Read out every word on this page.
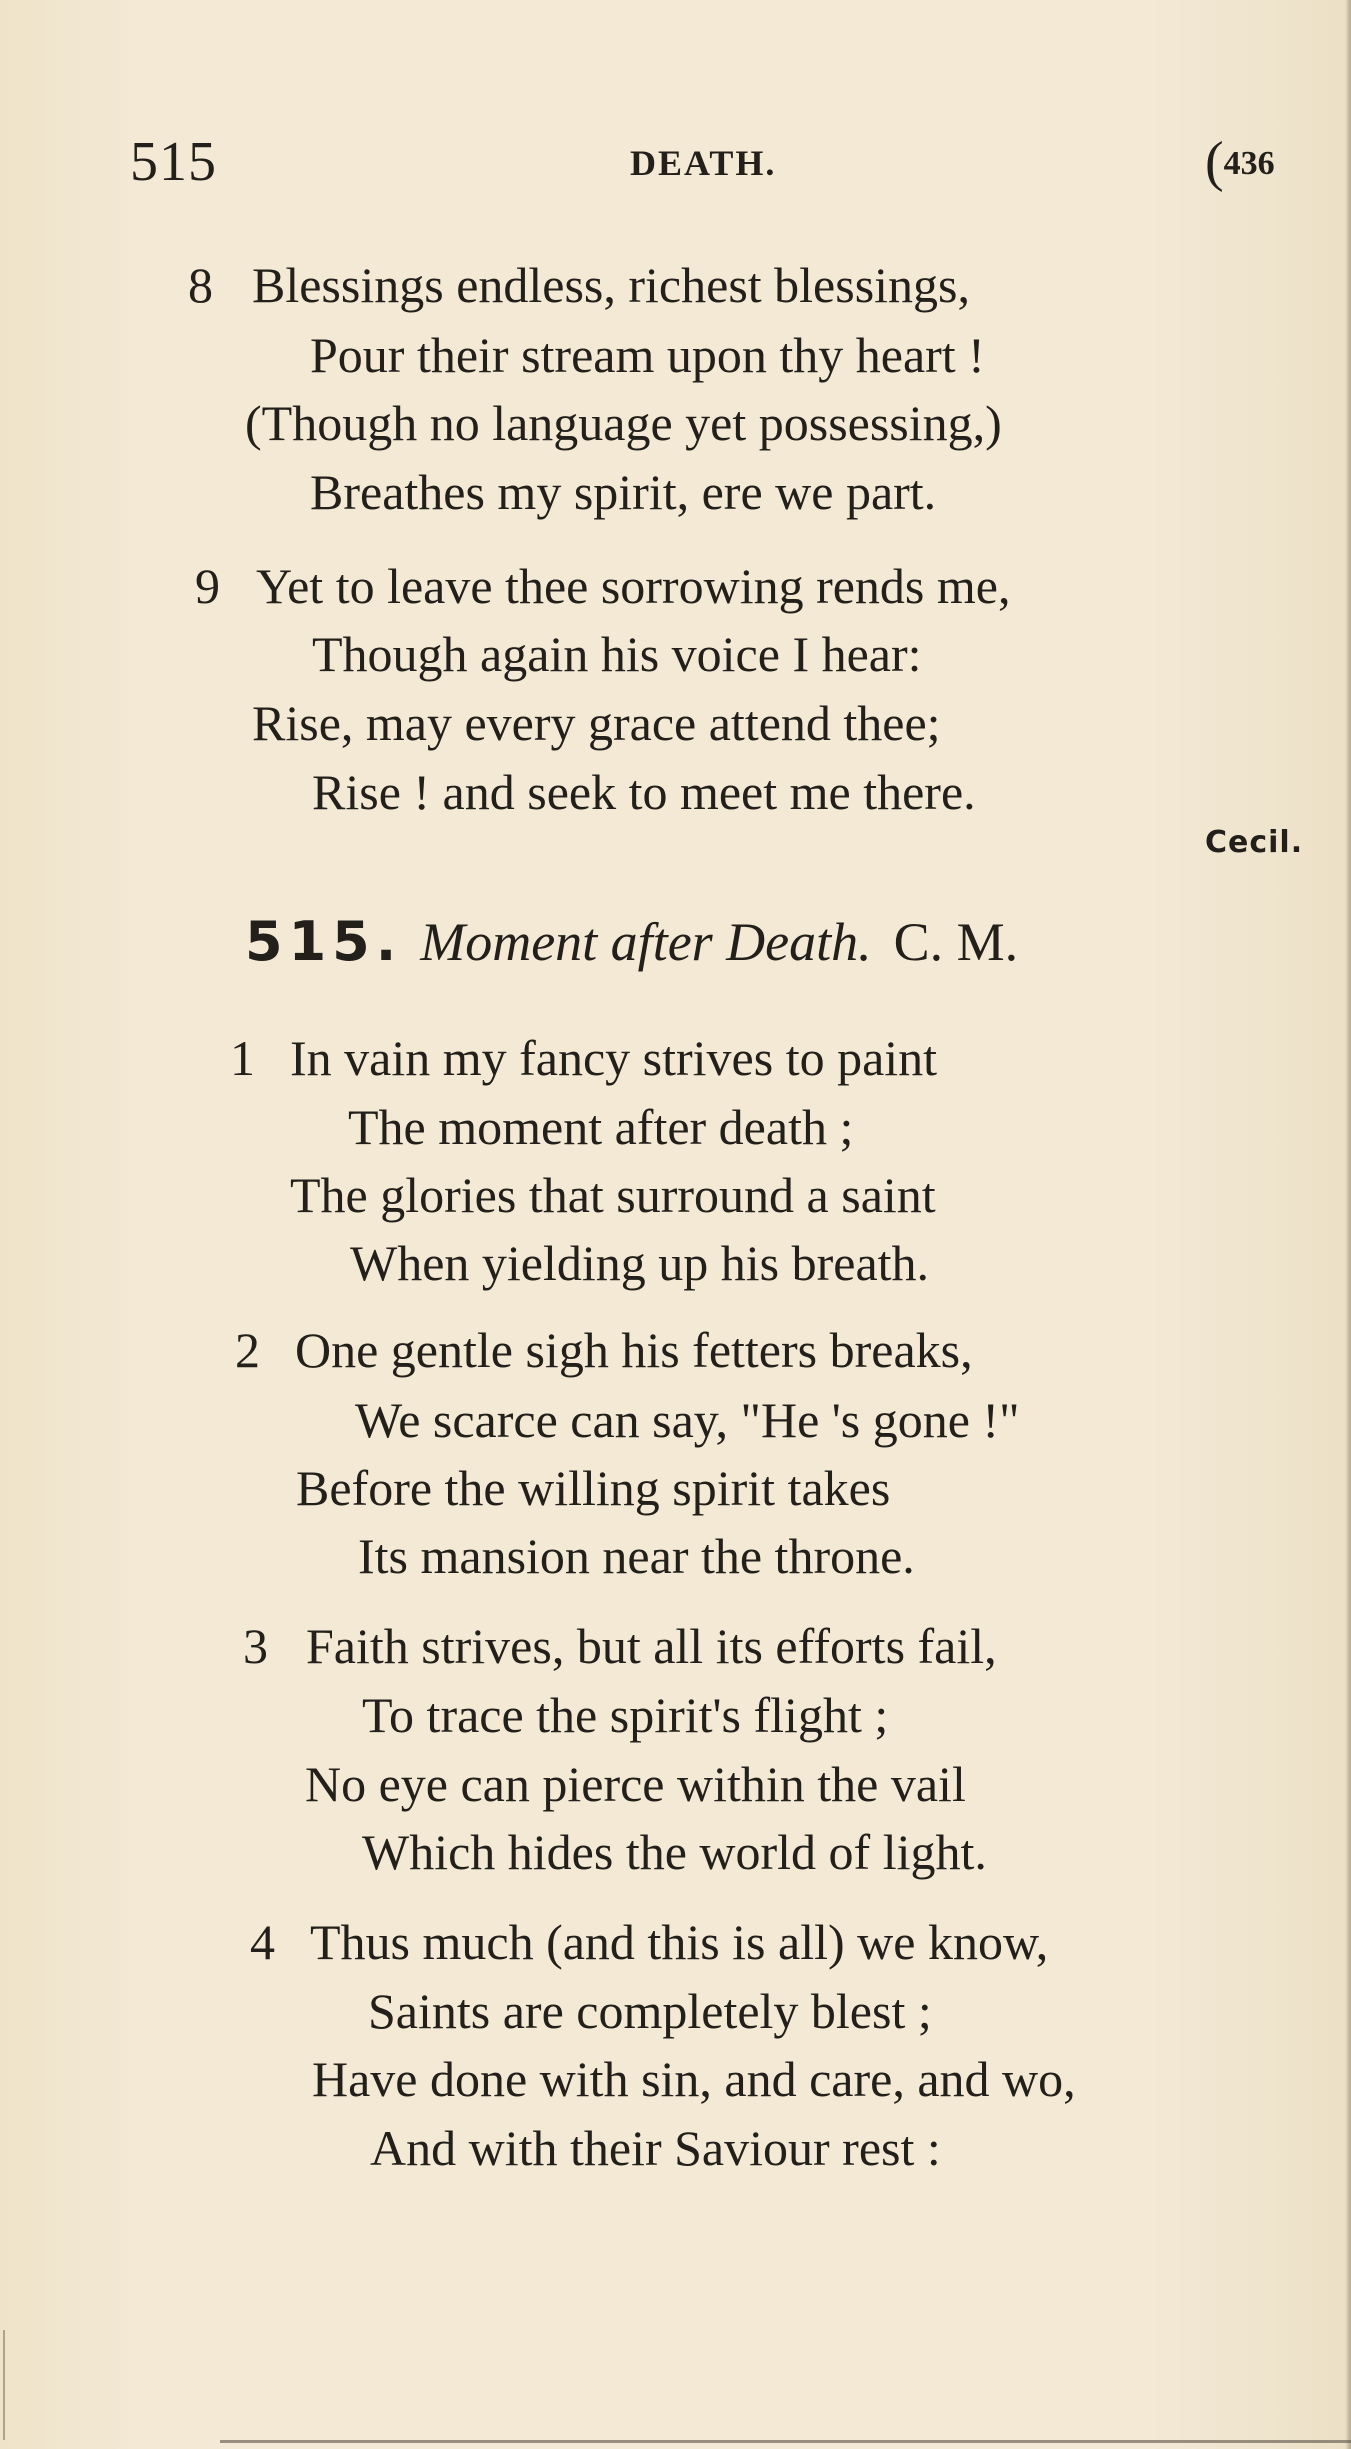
515	DEATH.	(436
8 Blessings endless, richest blessings,
Pour their stream upon thy heart !
(Though no language yet possessing,)
Breathes my spirit, ere we part.
9 Yet to leave thee sorrowing rends me,
Though again his voice I hear:
Rise, may every grace attend thee;
Rise ! and seek to meet me there.
Cecil.
515. Moment after Death. C. M.
1 In vain my fancy strives to paint
The moment after death ;
The glories that surround a saint
When yielding up his breath.
2 One gentle sigh his fetters breaks,
We scarce can say, "He 's gone !"
Before the willing spirit takes
Its mansion near the throne.
3 Faith strives, but all its efforts fail,
To trace the spirit's flight ;
No eye can pierce within the vail
Which hides the world of light.
4 Thus much (and this is all) we know,
Saints are completely blest ;
Have done with sin, and care, and wo,
And with their Saviour rest :
